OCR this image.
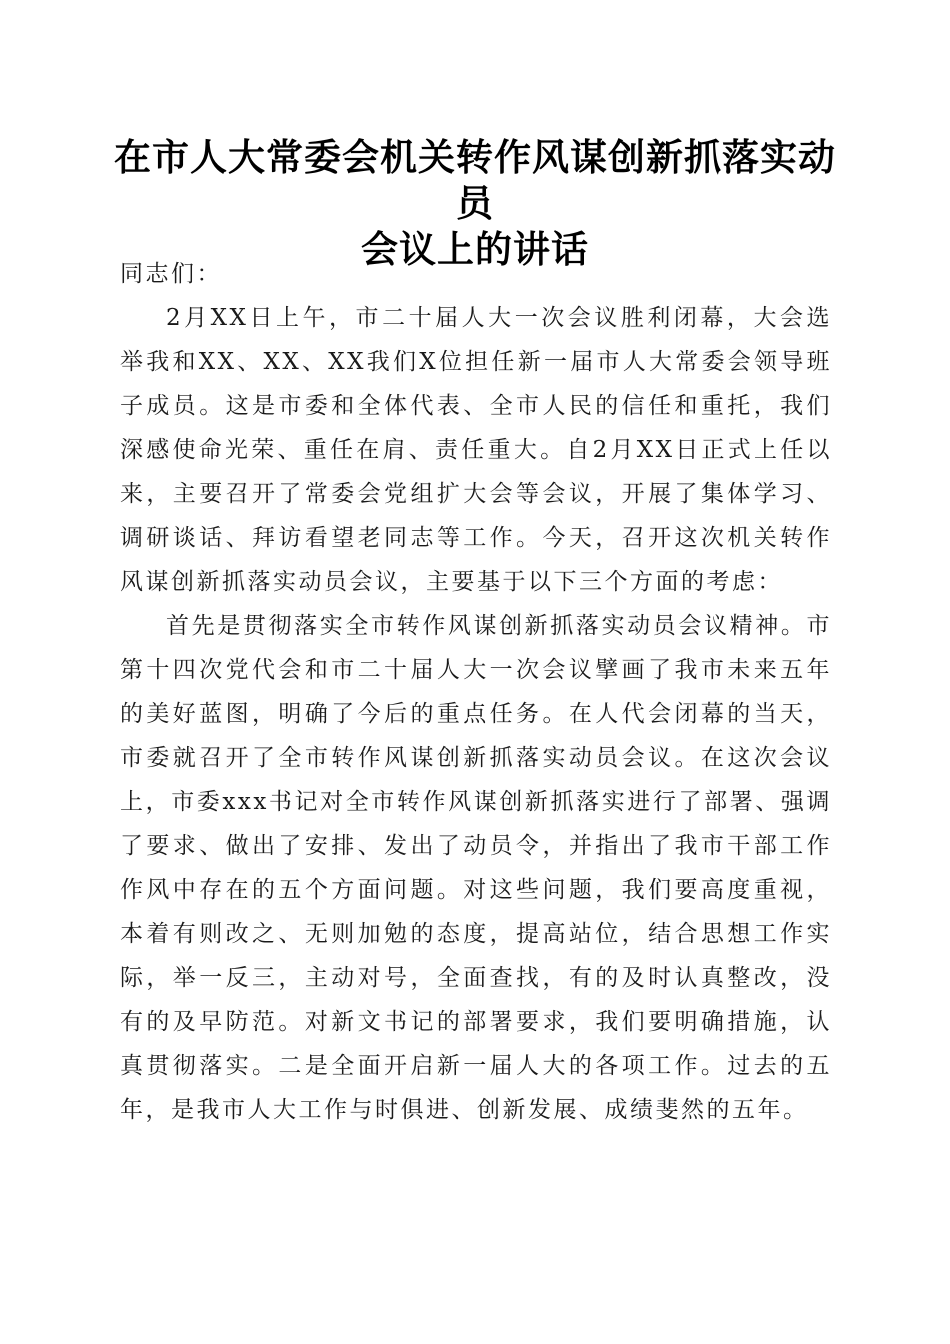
在市人大常委会机关转作风谋创新抓落实动员
会议上的讲话

同志们：

2月XX日上午，市二十届人大一次会议胜利闭幕，大会选举我和XX、XX、XX我们X位担任新一届市人大常委会领导班子成员。这是市委和全体代表、全市人民的信任和重托，我们深感使命光荣、重任在肩、责任重大。自2月XX日正式上任以来，主要召开了常委会党组扩大会等会议，开展了集体学习、调研谈话、拜访看望老同志等工作。今天，召开这次机关转作风谋创新抓落实动员会议，主要基于以下三个方面的考虑：

首先是贯彻落实全市转作风谋创新抓落实动员会议精神。市第十四次党代会和市二十届人大一次会议擘画了我市未来五年的美好蓝图，明确了今后的重点任务。在人代会闭幕的当天，市委就召开了全市转作风谋创新抓落实动员会议。在这次会议上，市委xxx书记对全市转作风谋创新抓落实进行了部署、强调了要求、做出了安排、发出了动员令，并指出了我市干部工作作风中存在的五个方面问题。对这些问题，我们要高度重视，本着有则改之、无则加勉的态度，提高站位，结合思想工作实际，举一反三，主动对号，全面查找，有的及时认真整改，没有的及早防范。对新文书记的部署要求，我们要明确措施，认真贯彻落实。二是全面开启新一届人大的各项工作。过去的五年，是我市人大工作与时俱进、创新发展、成绩斐然的五年。
